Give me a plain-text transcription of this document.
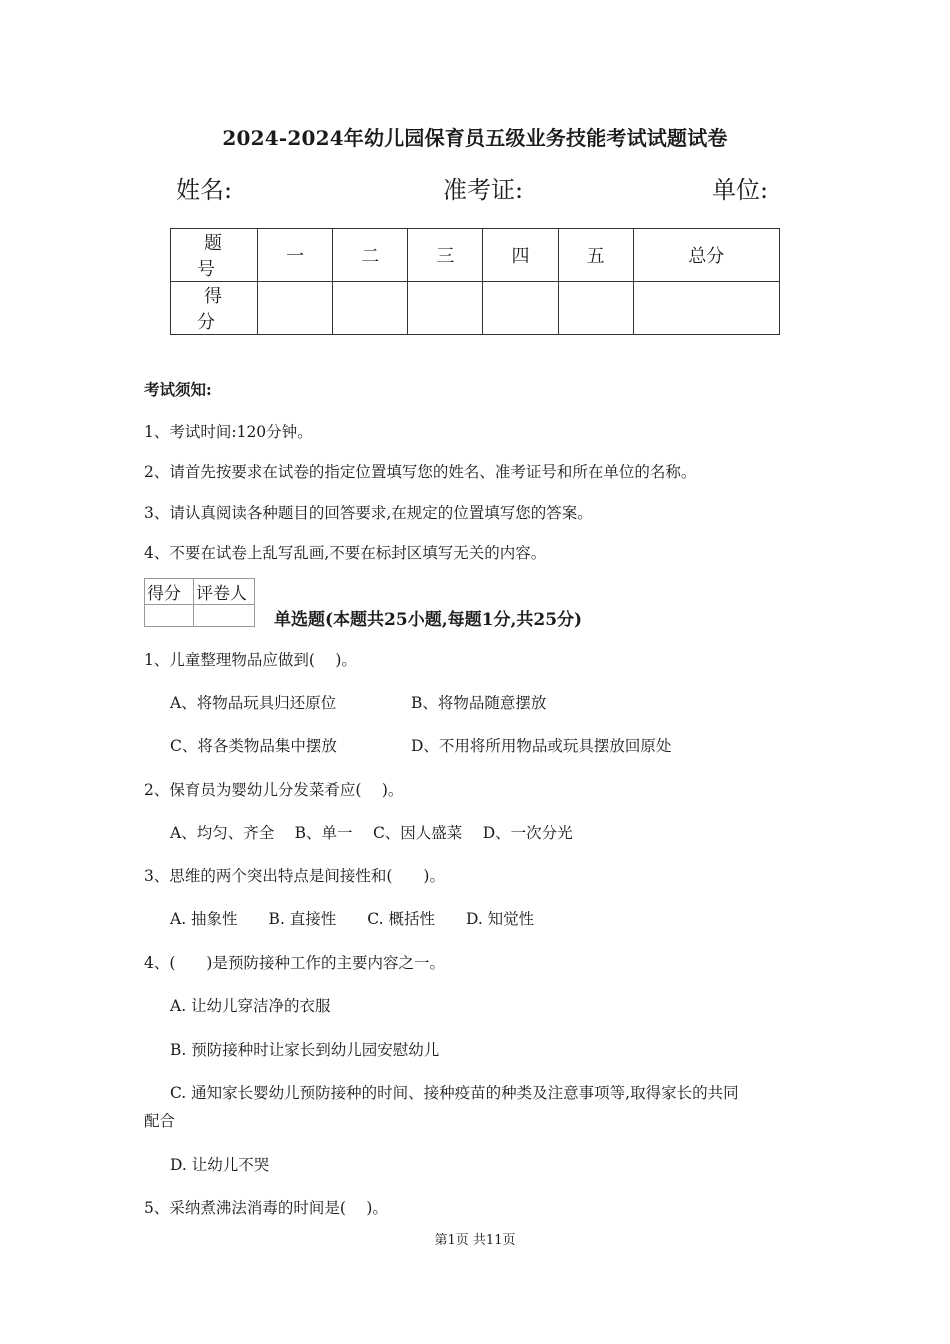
2024-2024年幼儿园保育员五级业务技能考试试题试卷
姓名:	准考证:	单位:
题　号	一	二	三	四	五	总分
得　分						
考试须知:
1、考试时间:120分钟。
2、请首先按要求在试卷的指定位置填写您的姓名、准考证号和所在单位的名称。
3、请认真阅读各种题目的回答要求,在规定的位置填写您的答案。
4、不要在试卷上乱写乱画,不要在标封区填写无关的内容。
得分	评卷人

单选题(本题共25小题,每题1分,共25分)
1、儿童整理物品应做到(　 )。
A、将物品玩具归还原位	B、将物品随意摆放
C、将各类物品集中摆放	D、不用将所用物品或玩具摆放回原处
2、保育员为婴幼儿分发菜肴应(　 )。
A、均匀、齐全　 B、单一　 C、因人盛菜　 D、一次分光
3、思维的两个突出特点是间接性和(　　)。
A. 抽象性　　B. 直接性　　C. 概括性　　D. 知觉性
4、(　　)是预防接种工作的主要内容之一。
A. 让幼儿穿洁净的衣服
B. 预防接种时让家长到幼儿园安慰幼儿
C. 通知家长婴幼儿预防接种的时间、接种疫苗的种类及注意事项等,取得家长的共同
配合
D. 让幼儿不哭
5、采纳煮沸法消毒的时间是(　 )。
第1页 共11页
